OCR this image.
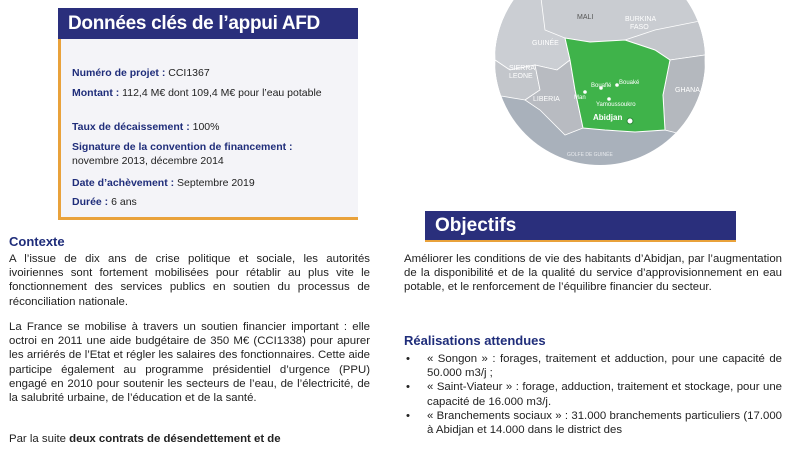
Données clés de l’appui AFD
Numéro de projet : CCI1367
Montant : 112,4 M€ dont 109,4 M€ pour l’eau potable
Taux de décaissement : 100%
Signature de la convention de financement : novembre 2013, décembre 2014
Date d’achèvement : Septembre 2019
Durée : 6 ans
Contexte
A l’issue de dix ans de crise politique et sociale, les autorités ivoiriennes sont fortement mobilisées pour rétablir au plus vite le fonctionnement des services publics en soutien du processus de réconciliation nationale.
La France se mobilise à travers un soutien financier important : elle octroi en 2011 une aide budgétaire de 350 M€ (CCI1338) pour apurer les arriérés de l’Etat et régler les salaires des fonctionnaires. Cette aide participe également au programme présidentiel d’urgence (PPU) engagé en 2010 pour soutenir les secteurs de l’eau, de l’électricité, de la salubrité urbaine, de l’éducation et de la santé.
Par la suite deux contrats de désendettement et de
MALI	BURKINA
FASO
GUINÉE
SIERRA
LEONE
LIBERIA
GHANA
Bouaflé Bouaké
Man
Yamoussoukro
Abidjan
GOLFE DE GUINÉE
Objectifs
Améliorer les conditions de vie des habitants d’Abidjan, par l’augmentation de la disponibilité et de la qualité du service d’approvisionnement en eau potable, et le renforcement de l’équilibre financier du secteur.
Réalisations attendues
• « Songon » : forages, traitement et adduction, pour une capacité de 50.000 m3/j ;
• « Saint-Viateur » : forage, adduction, traitement et stockage, pour une capacité de 16.000 m3/j.
• « Branchements sociaux » : 31.000 branchements particuliers (17.000 à Abidjan et 14.000 dans le district des
